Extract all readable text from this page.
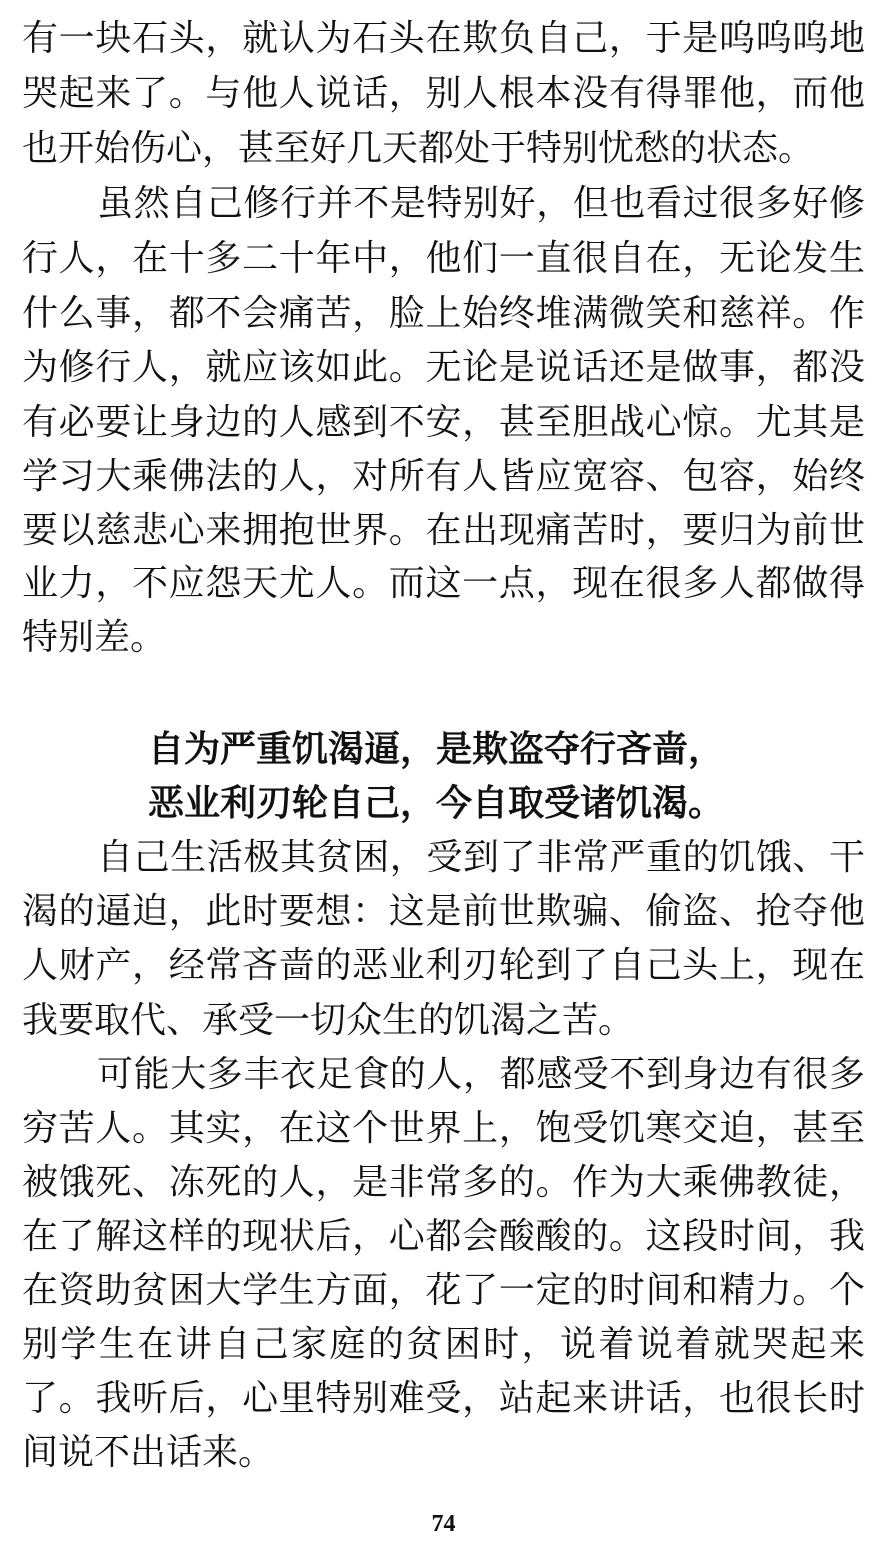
有一块石头，就认为石头在欺负自己，于是呜呜呜地
哭起来了。与他人说话，别人根本没有得罪他，而他
也开始伤心，甚至好几天都处于特别忧愁的状态。
虽然自己修行并不是特别好，但也看过很多好修
行人，在十多二十年中，他们一直很自在，无论发生
什么事，都不会痛苦，脸上始终堆满微笑和慈祥。作
为修行人，就应该如此。无论是说话还是做事，都没
有必要让身边的人感到不安，甚至胆战心惊。尤其是
学习大乘佛法的人，对所有人皆应宽容、包容，始终
要以慈悲心来拥抱世界。在出现痛苦时，要归为前世
业力，不应怨天尤人。而这一点，现在很多人都做得
特别差。
自为严重饥渴逼，是欺盗夺行吝啬，
恶业利刃轮自己，今自取受诸饥渴。
自己生活极其贫困，受到了非常严重的饥饿、干
渴的逼迫，此时要想：这是前世欺骗、偷盗、抢夺他
人财产，经常吝啬的恶业利刃轮到了自己头上，现在
我要取代、承受一切众生的饥渴之苦。
可能大多丰衣足食的人，都感受不到身边有很多
穷苦人。其实，在这个世界上，饱受饥寒交迫，甚至
被饿死、冻死的人，是非常多的。作为大乘佛教徒，
在了解这样的现状后，心都会酸酸的。这段时间，我
在资助贫困大学生方面，花了一定的时间和精力。个
别学生在讲自己家庭的贫困时，说着说着就哭起来
了。我听后，心里特别难受，站起来讲话，也很长时
间说不出话来。
74
